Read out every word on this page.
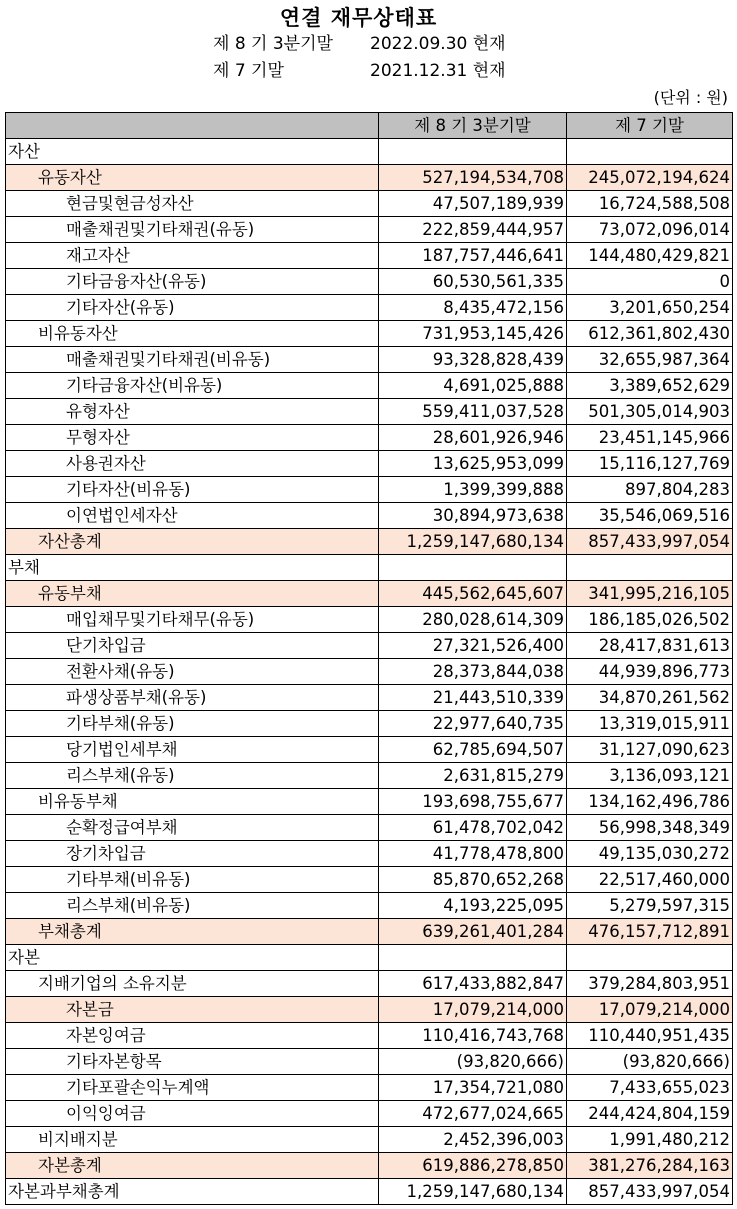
연결 재무상태표
제 8 기 3분기말 2022.09.30 현재
제 7 기말	2021.12.31 현재
(단위 : 원)
	제 8 기 3분기말	제 7 기말
자산		
유동자산	527,194,534,708	245,072,194,624
현금및현금성자산	47,507,189,939	16,724,588,508
매출채권및기타채권(유동)	222,859,444,957	73,072,096,014
재고자산	187,757,446,641	144,480,429,821
기타금융자산(유동)	60,530,561,335	0
기타자산(유동)	8,435,472,156	3,201,650,254
비유동자산	731,953,145,426	612,361,802,430
매출채권및기타채권(비유동)	93,328,828,439	32,655,987,364
기타금융자산(비유동)	4,691,025,888	3,389,652,629
유형자산	559,411,037,528	501,305,014,903
무형자산	28,601,926,946	23,451,145,966
사용권자산	13,625,953,099	15,116,127,769
기타자산(비유동)	1,399,399,888	897,804,283
이연법인세자산	30,894,973,638	35,546,069,516
자산총계	1,259,147,680,134	857,433,997,054
부채		
유동부채	445,562,645,607	341,995,216,105
매입채무및기타채무(유동)	280,028,614,309	186,185,026,502
단기차입금	27,321,526,400	28,417,831,613
전환사채(유동)	28,373,844,038	44,939,896,773
파생상품부채(유동)	21,443,510,339	34,870,261,562
기타부채(유동)	22,977,640,735	13,319,015,911
당기법인세부채	62,785,694,507	31,127,090,623
리스부채(유동)	2,631,815,279	3,136,093,121
비유동부채	193,698,755,677	134,162,496,786
순확정급여부채	61,478,702,042	56,998,348,349
장기차입금	41,778,478,800	49,135,030,272
기타부채(비유동)	85,870,652,268	22,517,460,000
리스부채(비유동)	4,193,225,095	5,279,597,315
부채총계	639,261,401,284	476,157,712,891
자본		
지배기업의 소유지분	617,433,882,847	379,284,803,951
자본금	17,079,214,000	17,079,214,000
자본잉여금	110,416,743,768	110,440,951,435
기타자본항목	(93,820,666)	(93,820,666)
기타포괄손익누계액	17,354,721,080	7,433,655,023
이익잉여금	472,677,024,665	244,424,804,159
비지배지분	2,452,396,003	1,991,480,212
자본총계	619,886,278,850	381,276,284,163
자본과부채총계	1,259,147,680,134	857,433,997,054
